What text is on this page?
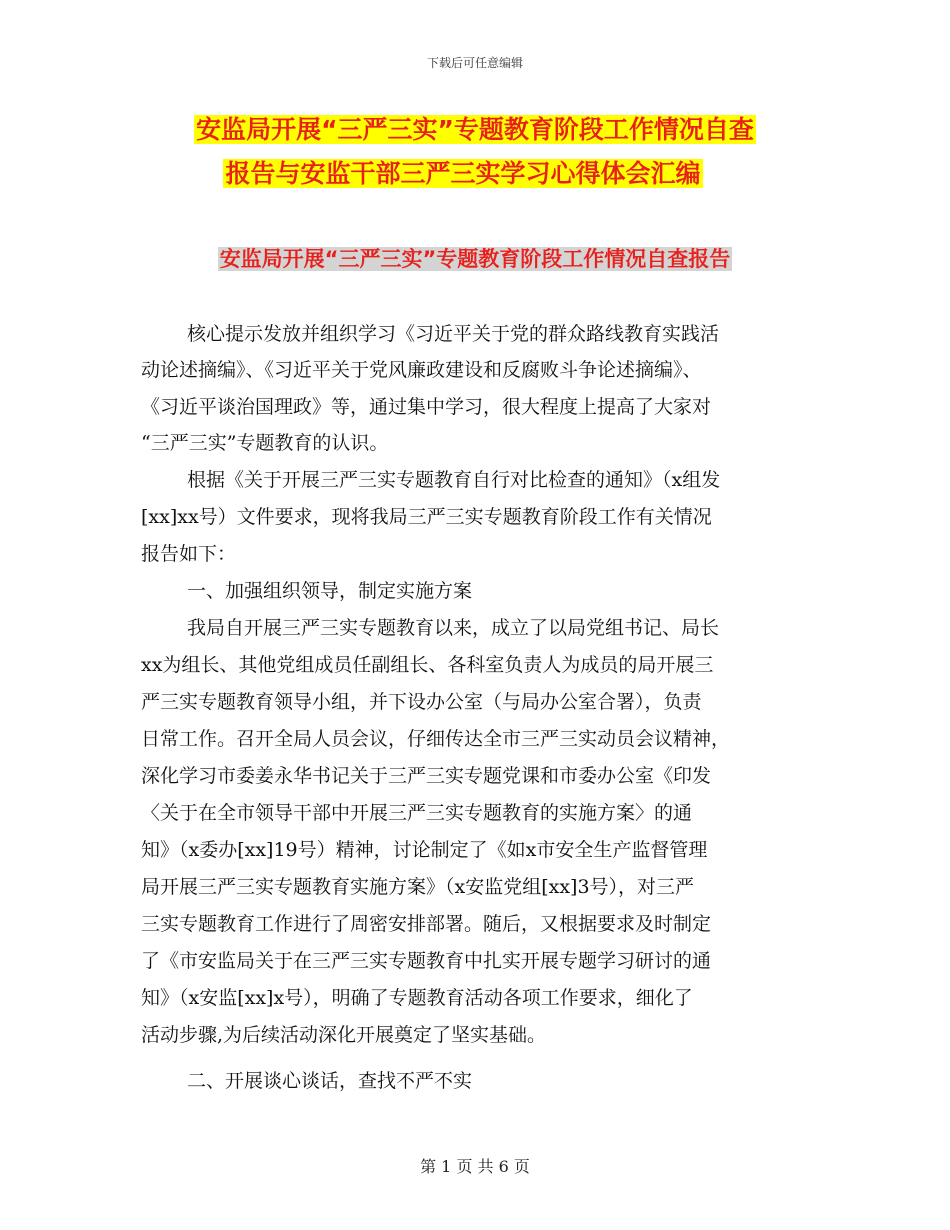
下载后可任意编辑
安监局开展“三严三实”专题教育阶段工作情况自查
报告与安监干部三严三实学习心得体会汇编
安监局开展“三严三实”专题教育阶段工作情况自查报告
核心提示发放并组织学习《习近平关于党的群众路线教育实践活
动论述摘编》、《习近平关于党风廉政建设和反腐败斗争论述摘编》、
《习近平谈治国理政》等，通过集中学习，很大程度上提高了大家对
“三严三实”专题教育的认识。
根据《关于开展三严三实专题教育自行对比检查的通知》（x组发
[xx]xx号）文件要求，现将我局三严三实专题教育阶段工作有关情况
报告如下：
一、加强组织领导，制定实施方案
我局自开展三严三实专题教育以来，成立了以局党组书记、局长
xx为组长、其他党组成员任副组长、各科室负责人为成员的局开展三
严三实专题教育领导小组，并下设办公室（与局办公室合署），负责
日常工作。召开全局人员会议，仔细传达全市三严三实动员会议精神，
深化学习市委姜永华书记关于三严三实专题党课和市委办公室《印发
〈关于在全市领导干部中开展三严三实专题教育的实施方案〉的通
知》（x委办[xx]19号）精神，讨论制定了《如x市安全生产监督管理
局开展三严三实专题教育实施方案》（x安监党组[xx]3号），对三严
三实专题教育工作进行了周密安排部署。随后，又根据要求及时制定
了《市安监局关于在三严三实专题教育中扎实开展专题学习研讨的通
知》（x安监[xx]x号），明确了专题教育活动各项工作要求，细化了
活动步骤,为后续活动深化开展奠定了坚实基础。
二、开展谈心谈话，查找不严不实
第 1 页 共 6 页
